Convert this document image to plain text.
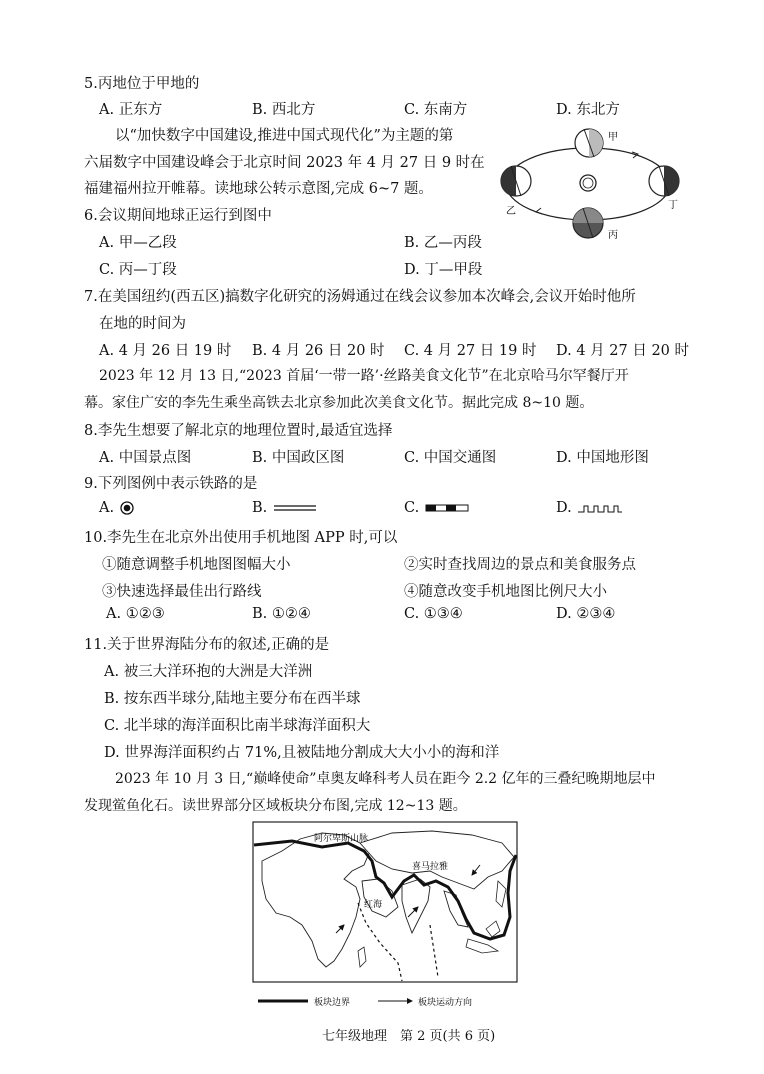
5.丙地位于甲地的
A. 正东方	B. 西北方	C. 东南方	D. 东北方
以“加快数字中国建设,推进中国式现代化”为主题的第
六届数字中国建设峰会于北京时间 2023 年 4 月 27 日 9 时在
福建福州拉开帷幕。读地球公转示意图,完成 6~7 题。
甲
乙
丙
丁
6.会议期间地球正运行到图中
A. 甲—乙段	B. 乙—丙段
C. 丙—丁段	D. 丁—甲段
7.在美国纽约(西五区)搞数字化研究的汤姆通过在线会议参加本次峰会,会议开始时他所
在地的时间为
A. 4 月 26 日 19 时 B. 4 月 26 日 20 时 C. 4 月 27 日 19 时 D. 4 月 27 日 20 时
2023 年 12 月 13 日,“2023 首届‘一带一路’·丝路美食文化节”在北京哈马尔罕餐厅开
幕。家住广安的李先生乘坐高铁去北京参加此次美食文化节。据此完成 8~10 题。
8.李先生想要了解北京的地理位置时,最适宜选择
A. 中国景点图	B. 中国政区图	C. 中国交通图	D. 中国地形图
9.下列图例中表示铁路的是
A.	B.	C.	D.
10.李先生在北京外出使用手机地图 APP 时,可以
①随意调整手机地图图幅大小	②实时查找周边的景点和美食服务点
③快速选择最佳出行路线	④随意改变手机地图比例尺大小
A. ①②③	B. ①②④	C. ①③④	D. ②③④
11.关于世界海陆分布的叙述,正确的是
A. 被三大洋环抱的大洲是大洋洲
B. 按东西半球分,陆地主要分布在西半球
C. 北半球的海洋面积比南半球海洋面积大
D. 世界海洋面积约占 71%,且被陆地分割成大大小小的海和洋
2023 年 10 月 3 日,“巅峰使命”卓奥友峰科考人员在距今 2.2 亿年的三叠纪晚期地层中
发现鲎鱼化石。读世界部分区域板块分布图,完成 12~13 题。
阿尔卑斯山脉
喜马拉雅
红海
板块边界	板块运动方向
七年级地理　第 2 页(共 6 页)
